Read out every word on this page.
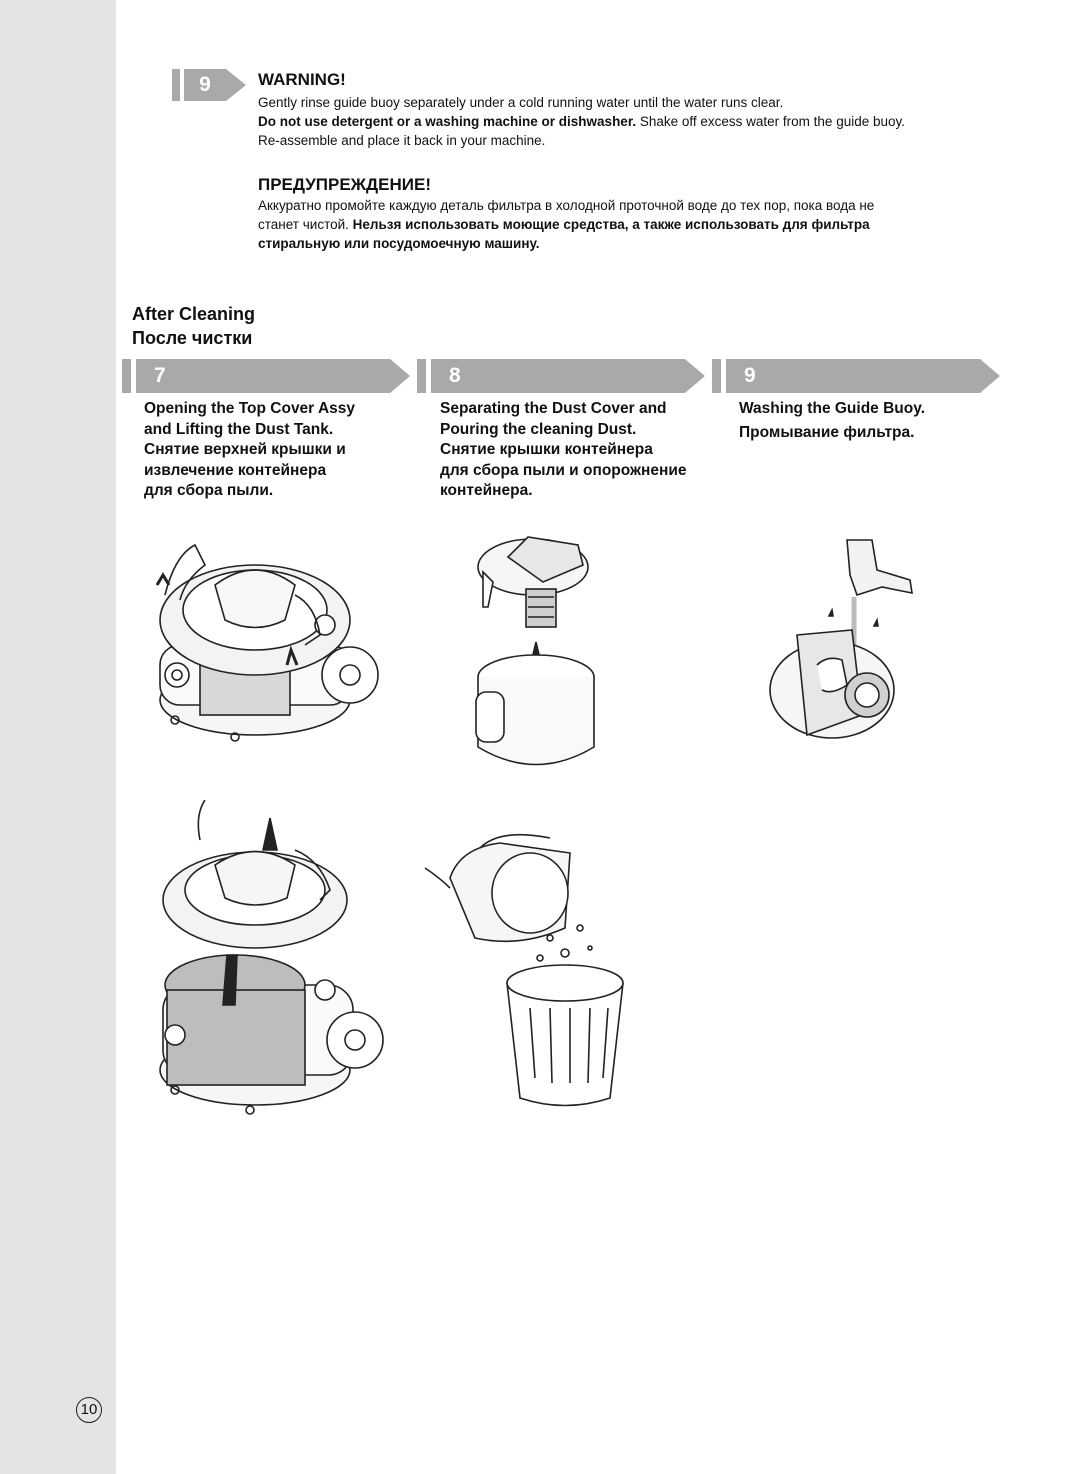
9	WARNING!
Gently rinse guide buoy separately under a cold running water until the water runs clear.
Do not use detergent or a washing machine or dishwasher. Shake off excess water from the guide buoy.
Re-assemble and place it back in your machine.
ПРЕДУПРЕЖДЕНИЕ!
Аккуратно промойте каждую деталь фильтра в холодной проточной воде до тех пор, пока вода не
станет чистой. Нельзя использовать моющие средства, а также использовать для фильтра
стиральную или посудомоечную машину.
After Cleaning
После чистки
7	8	9
Opening the Top Cover Assy
and Lifting the Dust Tank.
Снятие верхней крышки и
извлечение контейнера
для сбора пыли.
Separating the Dust Cover and
Pouring the cleaning Dust.
Снятие крышки контейнера
для сбора пыли и опорожнение
контейнера.
Washing the Guide Buoy.
Промывание фильтра.
10
